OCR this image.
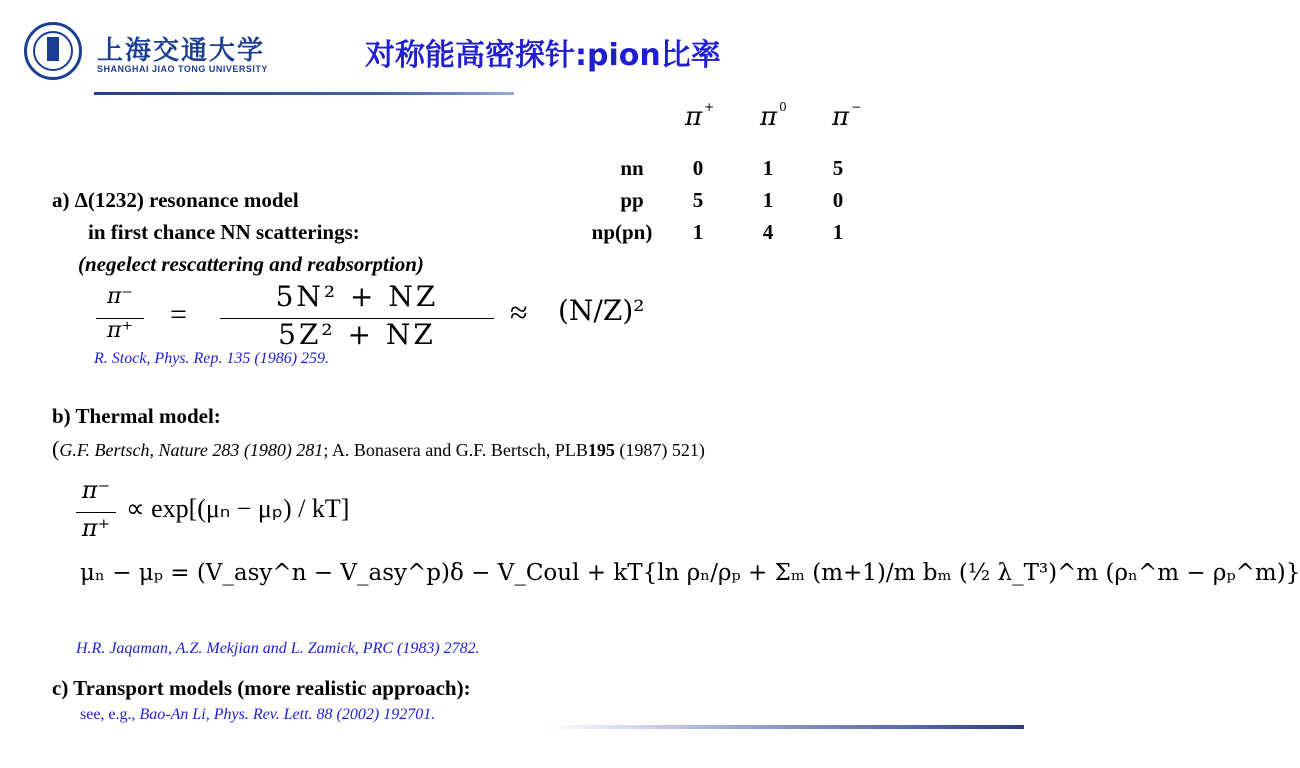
上海交通大学
SHANGHAI JIAO TONG UNIVERSITY	对称能高密探针:pion比率
π + π $^0$ π −
nn	0	1	5
pp	5	1	0
np(pn)	1	4	1
a) Δ(1232) resonance model
in first chance NN scatterings:
(negelect rescattering and reabsorption)
π⁻
π⁺	=
5N² + NZ
5Z² + NZ
≈ (N/Z)²
R. Stock, Phys. Rep. 135 (1986) 259.
b) Thermal model:
(G.F. Bertsch, Nature 283 (1980) 281; A. Bonasera and G.F. Bertsch, PLB195 (1987) 521)
π⁻
π⁺
∝ exp[(μₙ − μₚ) / kT]
μₙ − μₚ = (V_asy^n − V_asy^p)δ − V_Coul + kT{ln ρₙ/ρₚ + Σₘ (m+1)/m bₘ (½ λ_T³)^m (ρₙ^m − ρₚ^m)}
H.R. Jaqaman, A.Z. Mekjian and L. Zamick, PRC (1983) 2782.
c) Transport models (more realistic approach):
see, e.g., Bao-An Li, Phys. Rev. Lett. 88 (2002) 192701.
